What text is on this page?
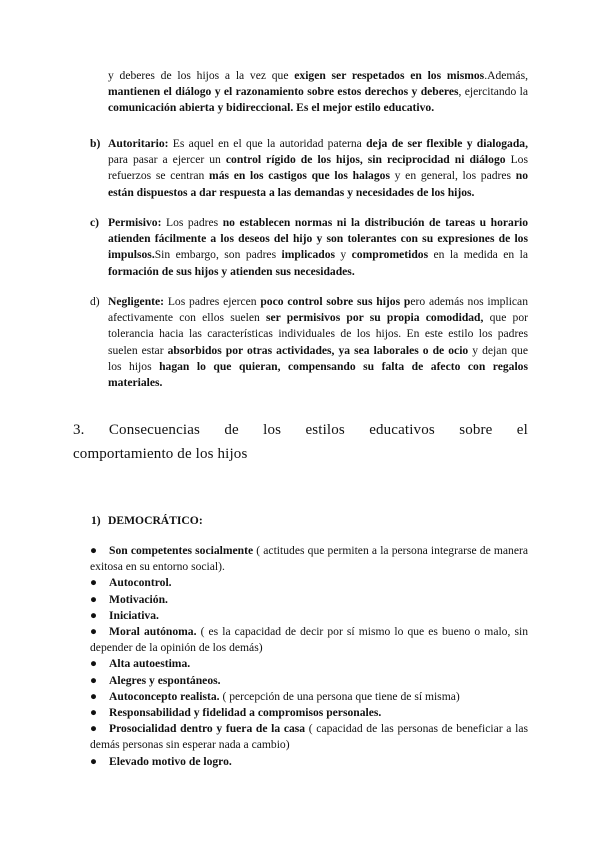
y deberes de los hijos a la vez que exigen ser respetados en los mismos.Además, mantienen el diálogo y el razonamiento sobre estos derechos y deberes, ejercitando la comunicación abierta y bidireccional. Es el mejor estilo educativo.

b) Autoritario: Es aquel en el que la autoridad paterna deja de ser flexible y dialogada, para pasar a ejercer un control rígido de los hijos, sin reciprocidad ni diálogo Los refuerzos se centran más en los castigos que los halagos y en general, los padres no están dispuestos a dar respuesta a las demandas y necesidades de los hijos.

c) Permisivo: Los padres no establecen normas ni la distribución de tareas u horario atienden fácilmente a los deseos del hijo y son tolerantes con su expresiones de los impulsos.Sin embargo, son padres implicados y comprometidos en la medida en la formación de sus hijos y atienden sus necesidades.

d) Negligente: Los padres ejercen poco control sobre sus hijos pero además nos implican afectivamente con ellos suelen ser permisivos por su propia comodidad, que por tolerancia hacia las características individuales de los hijos. En este estilo los padres suelen estar absorbidos por otras actividades, ya sea laborales o de ocio y dejan que los hijos hagan lo que quieran, compensando su falta de afecto con regalos materiales.

3. Consecuencias de los estilos educativos sobre el
comportamiento de los hijos
1) DEMOCRÁTICO:
● Son competentes socialmente ( actitudes que permiten a la persona integrarse de manera exitosa en su entorno social).
● Autocontrol.
● Motivación.
● Iniciativa.
● Moral autónoma. ( es la capacidad de decir por sí mismo lo que es bueno o malo, sin depender de la opinión de los demás)
● Alta autoestima.
● Alegres y espontáneos.
● Autoconcepto realista. ( percepción de una persona que tiene de sí misma)
● Responsabilidad y fidelidad a compromisos personales.
● Prosocialidad dentro y fuera de la casa ( capacidad de las personas de beneficiar a las demás personas sin esperar nada a cambio)
● Elevado motivo de logro.
